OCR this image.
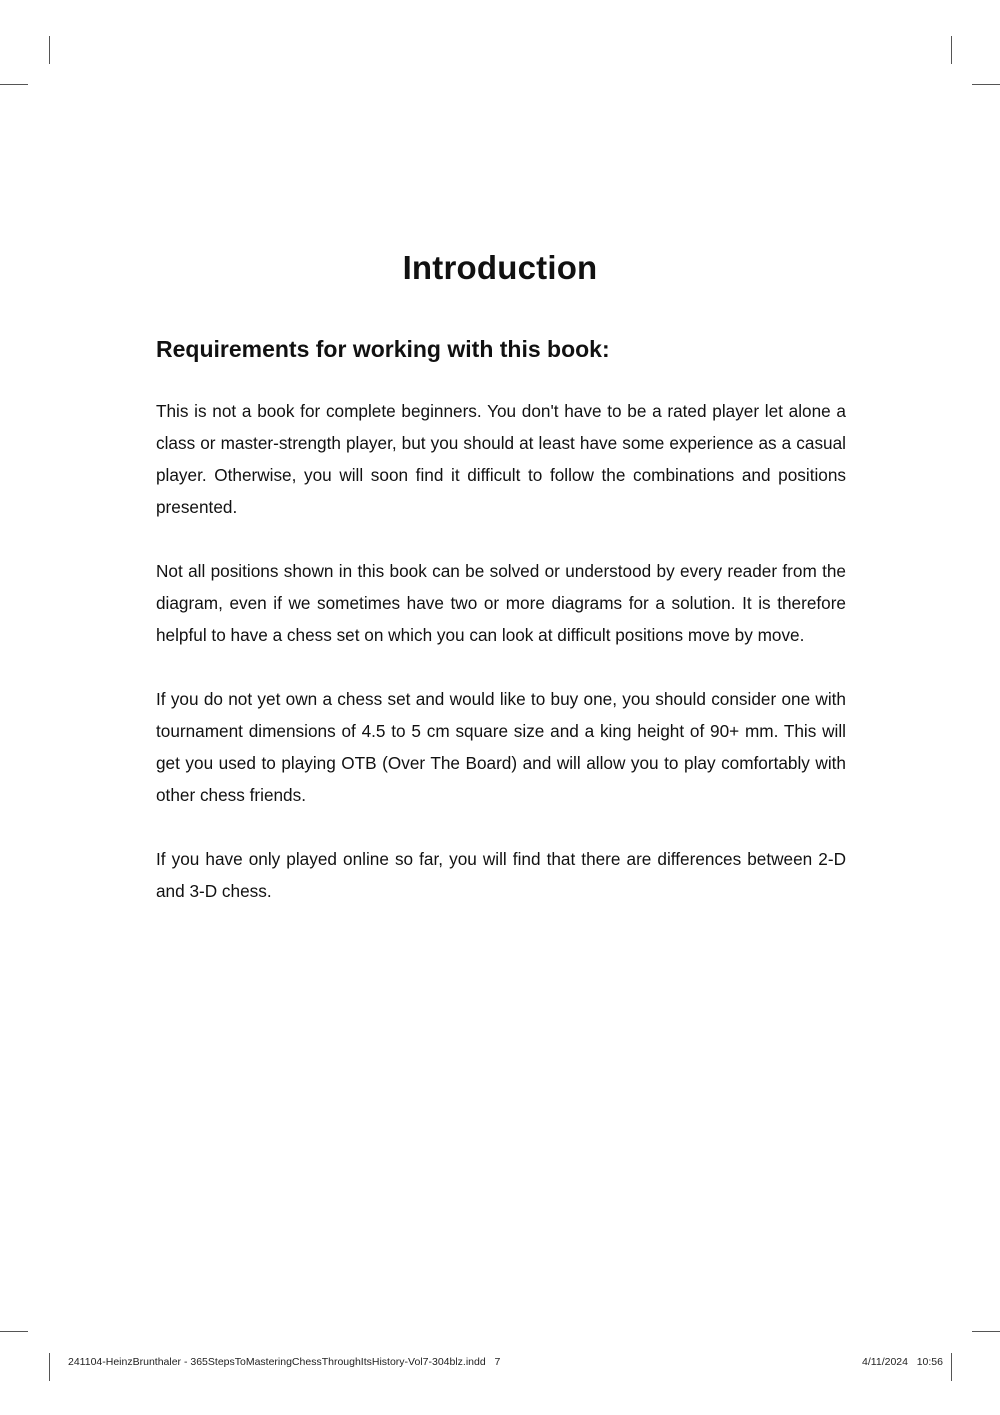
Introduction
Requirements for working with this book:

This is not a book for complete beginners. You don't have to be a rated player let alone a class or master-strength player, but you should at least have some experience as a casual player. Otherwise, you will soon find it difficult to follow the combinations and positions presented.

Not all positions shown in this book can be solved or understood by every reader from the diagram, even if we sometimes have two or more diagrams for a solution. It is therefore helpful to have a chess set on which you can look at difficult positions move by move.

If you do not yet own a chess set and would like to buy one, you should consider one with tournament dimensions of 4.5 to 5 cm square size and a king height of 90+ mm. This will get you used to playing OTB (Over The Board) and will allow you to play comfortably with other chess friends.

If you have only played online so far, you will find that there are differences between 2-D and 3-D chess.

241104-HeinzBrunthaler - 365StepsToMasteringChessThroughItsHistory-Vol7-304blz.indd   7	4/11/2024   10:56
